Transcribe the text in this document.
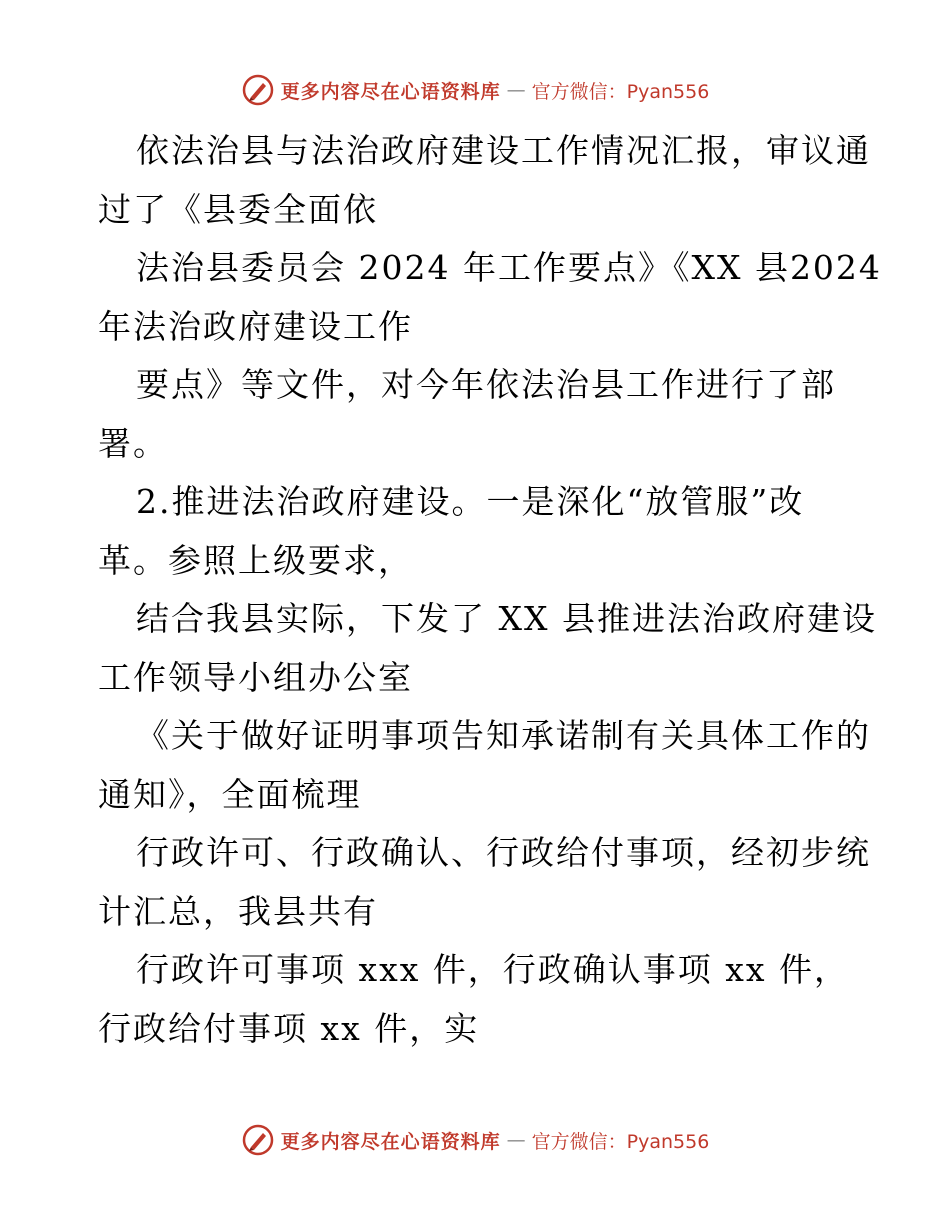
更多内容尽在心语资料库 — 官方微信：Pyan556
依法治县与法治政府建设工作情况汇报，审议通
过了《县委全面依
法治县委员会 2024 年工作要点》《XX 县2024
年法治政府建设工作
要点》等文件，对今年依法治县工作进行了部
署。
2.推进法治政府建设。一是深化“放管服”改
革。参照上级要求，
结合我县实际，下发了 XX 县推进法治政府建设
工作领导小组办公室
《关于做好证明事项告知承诺制有关具体工作的
通知》，全面梳理
行政许可、行政确认、行政给付事项，经初步统
计汇总，我县共有
行政许可事项 xxx 件，行政确认事项 xx 件，
行政给付事项 xx 件，实
更多内容尽在心语资料库 — 官方微信：Pyan556
